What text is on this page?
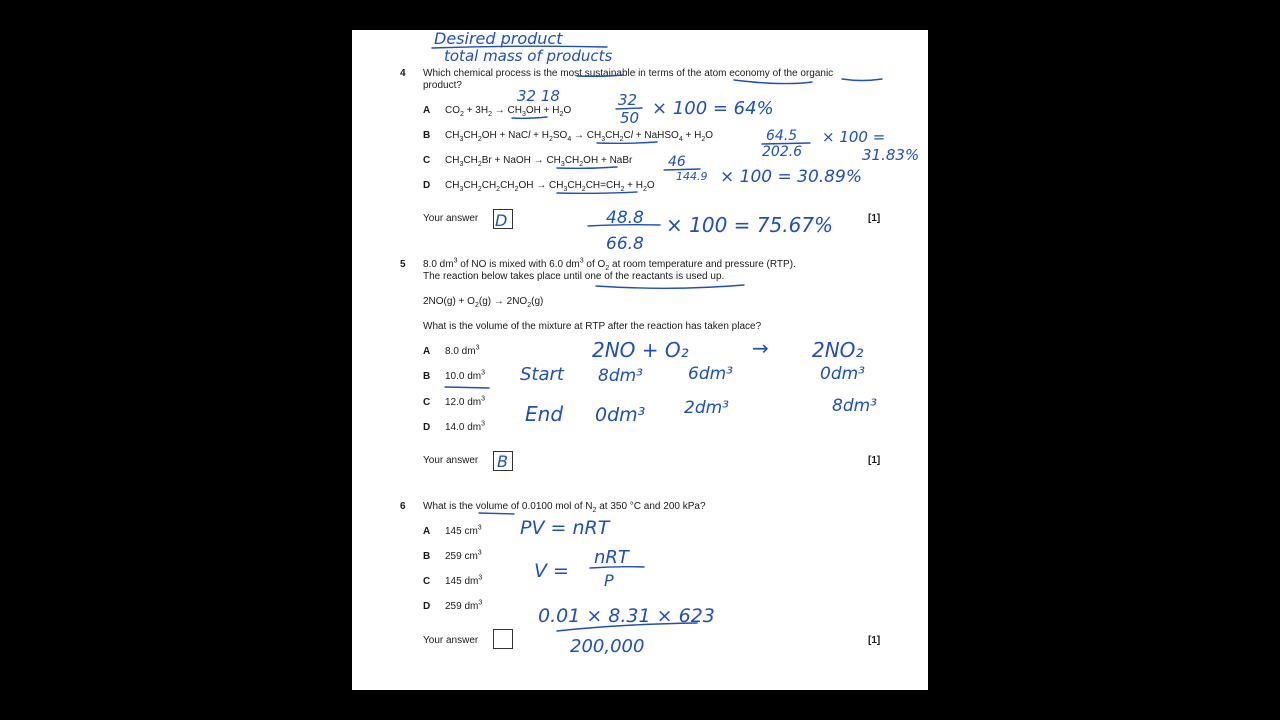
4 Which chemical process is the most sustainable in terms of the atom economy of the organic
product?
A $CO_2 + 3H_2 \to CH_3OH + H_2O$
B $CH_3CH_2OH$ + NaCl + $H_2SO_4 \to CH_3CH_2Cl$ + NaHSO$_4$ + $H_2O$
C $CH_3CH_2Br$ + NaOH → $CH_3CH_2OH$ + NaBr
D $CH_3CH_2CH_2CH_2OH \to CH_3CH_2CH=CH_2 + H_2O$
Your answer	[1]
5 8.0 $dm^3$ of NO is mixed with 6.0 $dm^3$ of $O_2$ at room temperature and pressure (RTP).
The reaction below takes place until one of the reactants is used up.
$2NO(g) + O_2(g) \to 2NO_2(g)$
What is the volume of the mixture at RTP after the reaction has taken place?
A 8.0 $dm^3$
B 10.0 $dm^3$
C 12.0 $dm^3$
D 14.0 $dm^3$
Your answer	[1]
6 What is the volume of 0.0100 mol of $N_2$ at 350 °C and 200 kPa?
A 145 $cm^3$
B 259 $cm^3$
C 145 $dm^3$
D 259 $dm^3$
Your answer	[1]
Desired product
total mass of products
32 18	32
50 × 100 = 64%
64.5
202.6
× 100 =
31.83%
46
144.9 × 100 = 30.89%
48.8
66.8
× 100 = 75.67%
D
2NO + O₂	→ 2NO₂
Start 8dm³	6dm³	0dm³
End 0dm³ 2dm³	8dm³
B
PV = nRT
V =
nRT
P
0.01 × 8.31 × 623
200,000
